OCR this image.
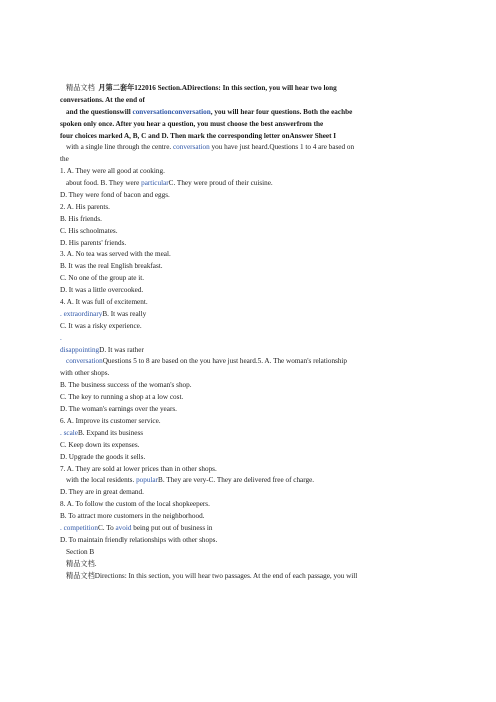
精品文档 月第二套年122016 Section.ADirections: In this section, you will hear two long
conversations. At the end of
and the questionswill conversationconversation, you will hear four questions. Both the eachbe
spoken only once. After you hear a question, you must choose the best answerfrom the
four choices marked A, B, C and D. Then mark the corresponding letter onAnswer Sheet I
with a single line through the centre. conversation you have just heard.Questions 1 to 4 are based on
the
1. A. They were all good at cooking.
about food. B. They were particularC. They were proud of their cuisine.
D. They were fond of bacon and eggs.
2. A. His parents.
B. His friends.
C. His schoolmates.
D. His parents' friends.
3. A. No tea was served with the meal.
B. It was the real English breakfast.
C. No one of the group ate it.
D. It was a little overcooked.
4. A. It was full of excitement.
. extraordinaryB. It was really
C. It was a risky experience.
.
disappointingD. It was rather
conversationQuestions 5 to 8 are based on the you have just heard.5. A. The woman's relationship
with other shops.
B. The business success of the woman's shop.
C. The key to running a shop at a low cost.
D. The woman's earnings over the years.
6. A. Improve its customer service.
. scaleB. Expand its business
C. Keep down its expenses.
D. Upgrade the goods it sells.
7. A. They are sold at lower prices than in other shops.
with the local residents. popularB. They are very-C. They are delivered free of charge.
D. They are in great demand.
8. A. To follow the custom of the local shopkeepers.
B. To attract more customers in the neighborhood.
. competitionC. To avoid being put out of business in
D. To maintain friendly relationships with other shops.
Section B
精品文档.
精品文档Directions: In this section, you will hear two passages. At the end of each passage, you will
